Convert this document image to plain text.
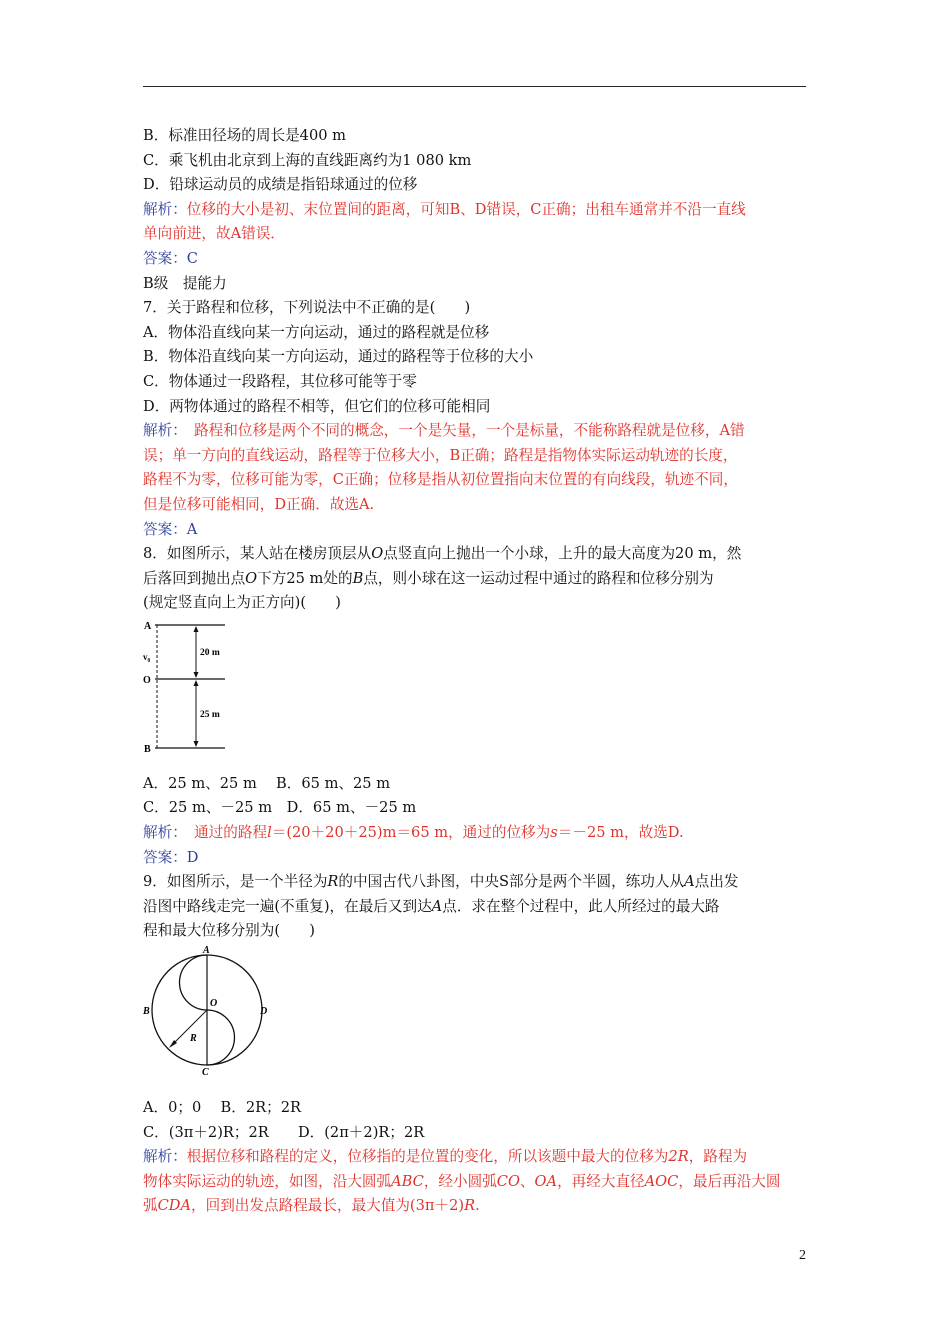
B．标准田径场的周长是400 m
C．乘飞机由北京到上海的直线距离约为1 080 km
D．铅球运动员的成绩是指铅球通过的位移
解析：位移的大小是初、末位置间的距离，可知B、D错误，C正确；出租车通常并不沿一直线
单向前进，故A错误．
答案：C
B级　提能力
7．关于路程和位移，下列说法中不正确的是(　　)
A．物体沿直线向某一方向运动，通过的路程就是位移
B．物体沿直线向某一方向运动，通过的路程等于位移的大小
C．物体通过一段路程，其位移可能等于零
D．两物体通过的路程不相等，但它们的位移可能相同
解析：　路程和位移是两个不同的概念，一个是矢量，一个是标量，不能称路程就是位移，A错
误；单一方向的直线运动，路程等于位移大小，B正确；路程是指物体实际运动轨迹的长度，
路程不为零，位移可能为零，C正确；位移是指从初位置指向末位置的有向线段，轨迹不同，
但是位移可能相同，D正确．故选A.
答案：A
8．如图所示，某人站在楼房顶层从O点竖直向上抛出一个小球，上升的最大高度为20 m，然
后落回到抛出点O下方25 m处的B点，则小球在这一运动过程中通过的路程和位移分别为
(规定竖直向上为正方向)(　　)
A
v₀
O
B
20 m
25 m
A．25 m、25 m　 B．65 m、25 m
C．25 m、－25 m　D．65 m、－25 m
解析：　通过的路程l＝(20＋20＋25)m＝65 m，通过的位移为s＝－25 m，故选D.
答案：D
9．如图所示，是一个半径为R的中国古代八卦图，中央S部分是两个半圆，练功人从A点出发
沿图中路线走完一遍(不重复)，在最后又到达A点．求在整个过程中，此人所经过的最大路
程和最大位移分别为(　　)
A
B
C
D
O
R
A．0；0　 B．2R；2R
C．(3π＋2)R；2R　　D．(2π＋2)R；2R
解析：根据位移和路程的定义，位移指的是位置的变化，所以该题中最大的位移为2R，路程为
物体实际运动的轨迹，如图，沿大圆弧ABC，经小圆弧CO、OA，再经大直径AOC，最后再沿大圆
弧CDA，回到出发点路程最长，最大值为(3π＋2)R.
2
